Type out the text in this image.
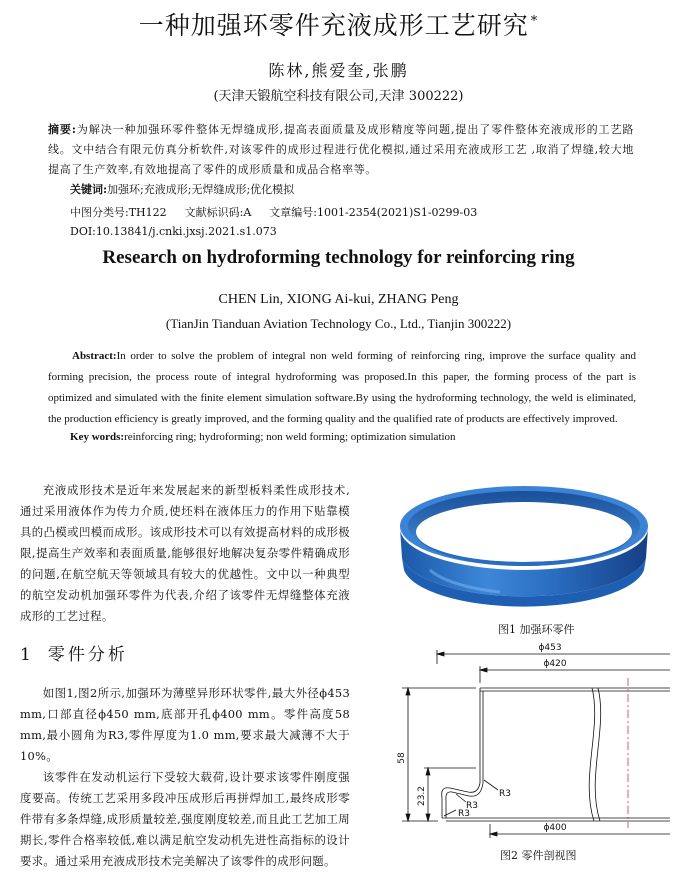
一种加强环零件充液成形工艺研究 *
陈林,熊爱奎,张鹏
(天津天锻航空科技有限公司,天津 300222)
摘要:为解决一种加强环零件整体无焊缝成形,提高表面质量及成形精度等问题,提出了零件整体充液成形的工艺路线。文中结合有限元仿真分析软件,对该零件的成形过程进行优化模拟,通过采用充液成形工艺 ,取消了焊缝,较大地提高了生产效率,有效地提高了零件的成形质量和成品合格率等。
关键词:加强环;充液成形;无焊缝成形;优化模拟
中图分类号:TH122 文献标识码:A 文章编号:1001-2354(2021)S1-0299-03
DOI:10.13841/j.cnki.jxsj.2021.s1.073
Research on hydroforming technology for reinforcing ring
CHEN Lin, XIONG Ai-kui, ZHANG Peng
(TianJin Tianduan Aviation Technology Co., Ltd., Tianjin 300222)
Abstract:In order to solve the problem of integral non weld forming of reinforcing ring, improve the surface quality and forming precision, the process route of integral hydroforming was proposed.In this paper, the forming process of the part is optimized and simulated with the finite element simulation software.By using the hydroforming technology, the weld is eliminated, the production efficiency is greatly improved, and the forming quality and the qualified rate of products are effectively improved.
Key words:reinforcing ring; hydroforming; non weld forming; optimization simulation

充液成形技术是近年来发展起来的新型板料柔性成形技术,通过采用液体作为传力介质,使坯料在液体压力的作用下贴靠模具的凸模或凹模而成形。该成形技术可以有效提高材料的成形极限,提高生产效率和表面质量,能够很好地解决复杂零件精确成形的问题,在航空航天等领域具有较大的优越性。文中以一种典型的航空发动机加强环零件为代表,介绍了该零件无焊缝整体充液成形的工艺过程。

1 零件分析

如图1,图2所示,加强环为薄壁异形环状零件,最大外径ϕ453 mm,口部直径ϕ450 mm,底部开孔ϕ400 mm。零件高度58 mm,最小圆角为R3,零件厚度为1.0 mm,要求最大减薄不大于10%。

该零件在发动机运行下受较大载荷,设计要求该零件刚度强度要高。传统工艺采用多段冲压成形后再拼焊加工,最终成形零件带有多条焊缝,成形质量较差,强度刚度较差,而且此工艺加工周期长,零件合格率较低,难以满足航空发动机先进性高指标的设计要求。通过采用充液成形技术完美解决了该零件的成形问题。

图1 加强环零件
ϕ453
ϕ420
ϕ400
58
23.2	R3
R3
R3
图2 零件剖视图
